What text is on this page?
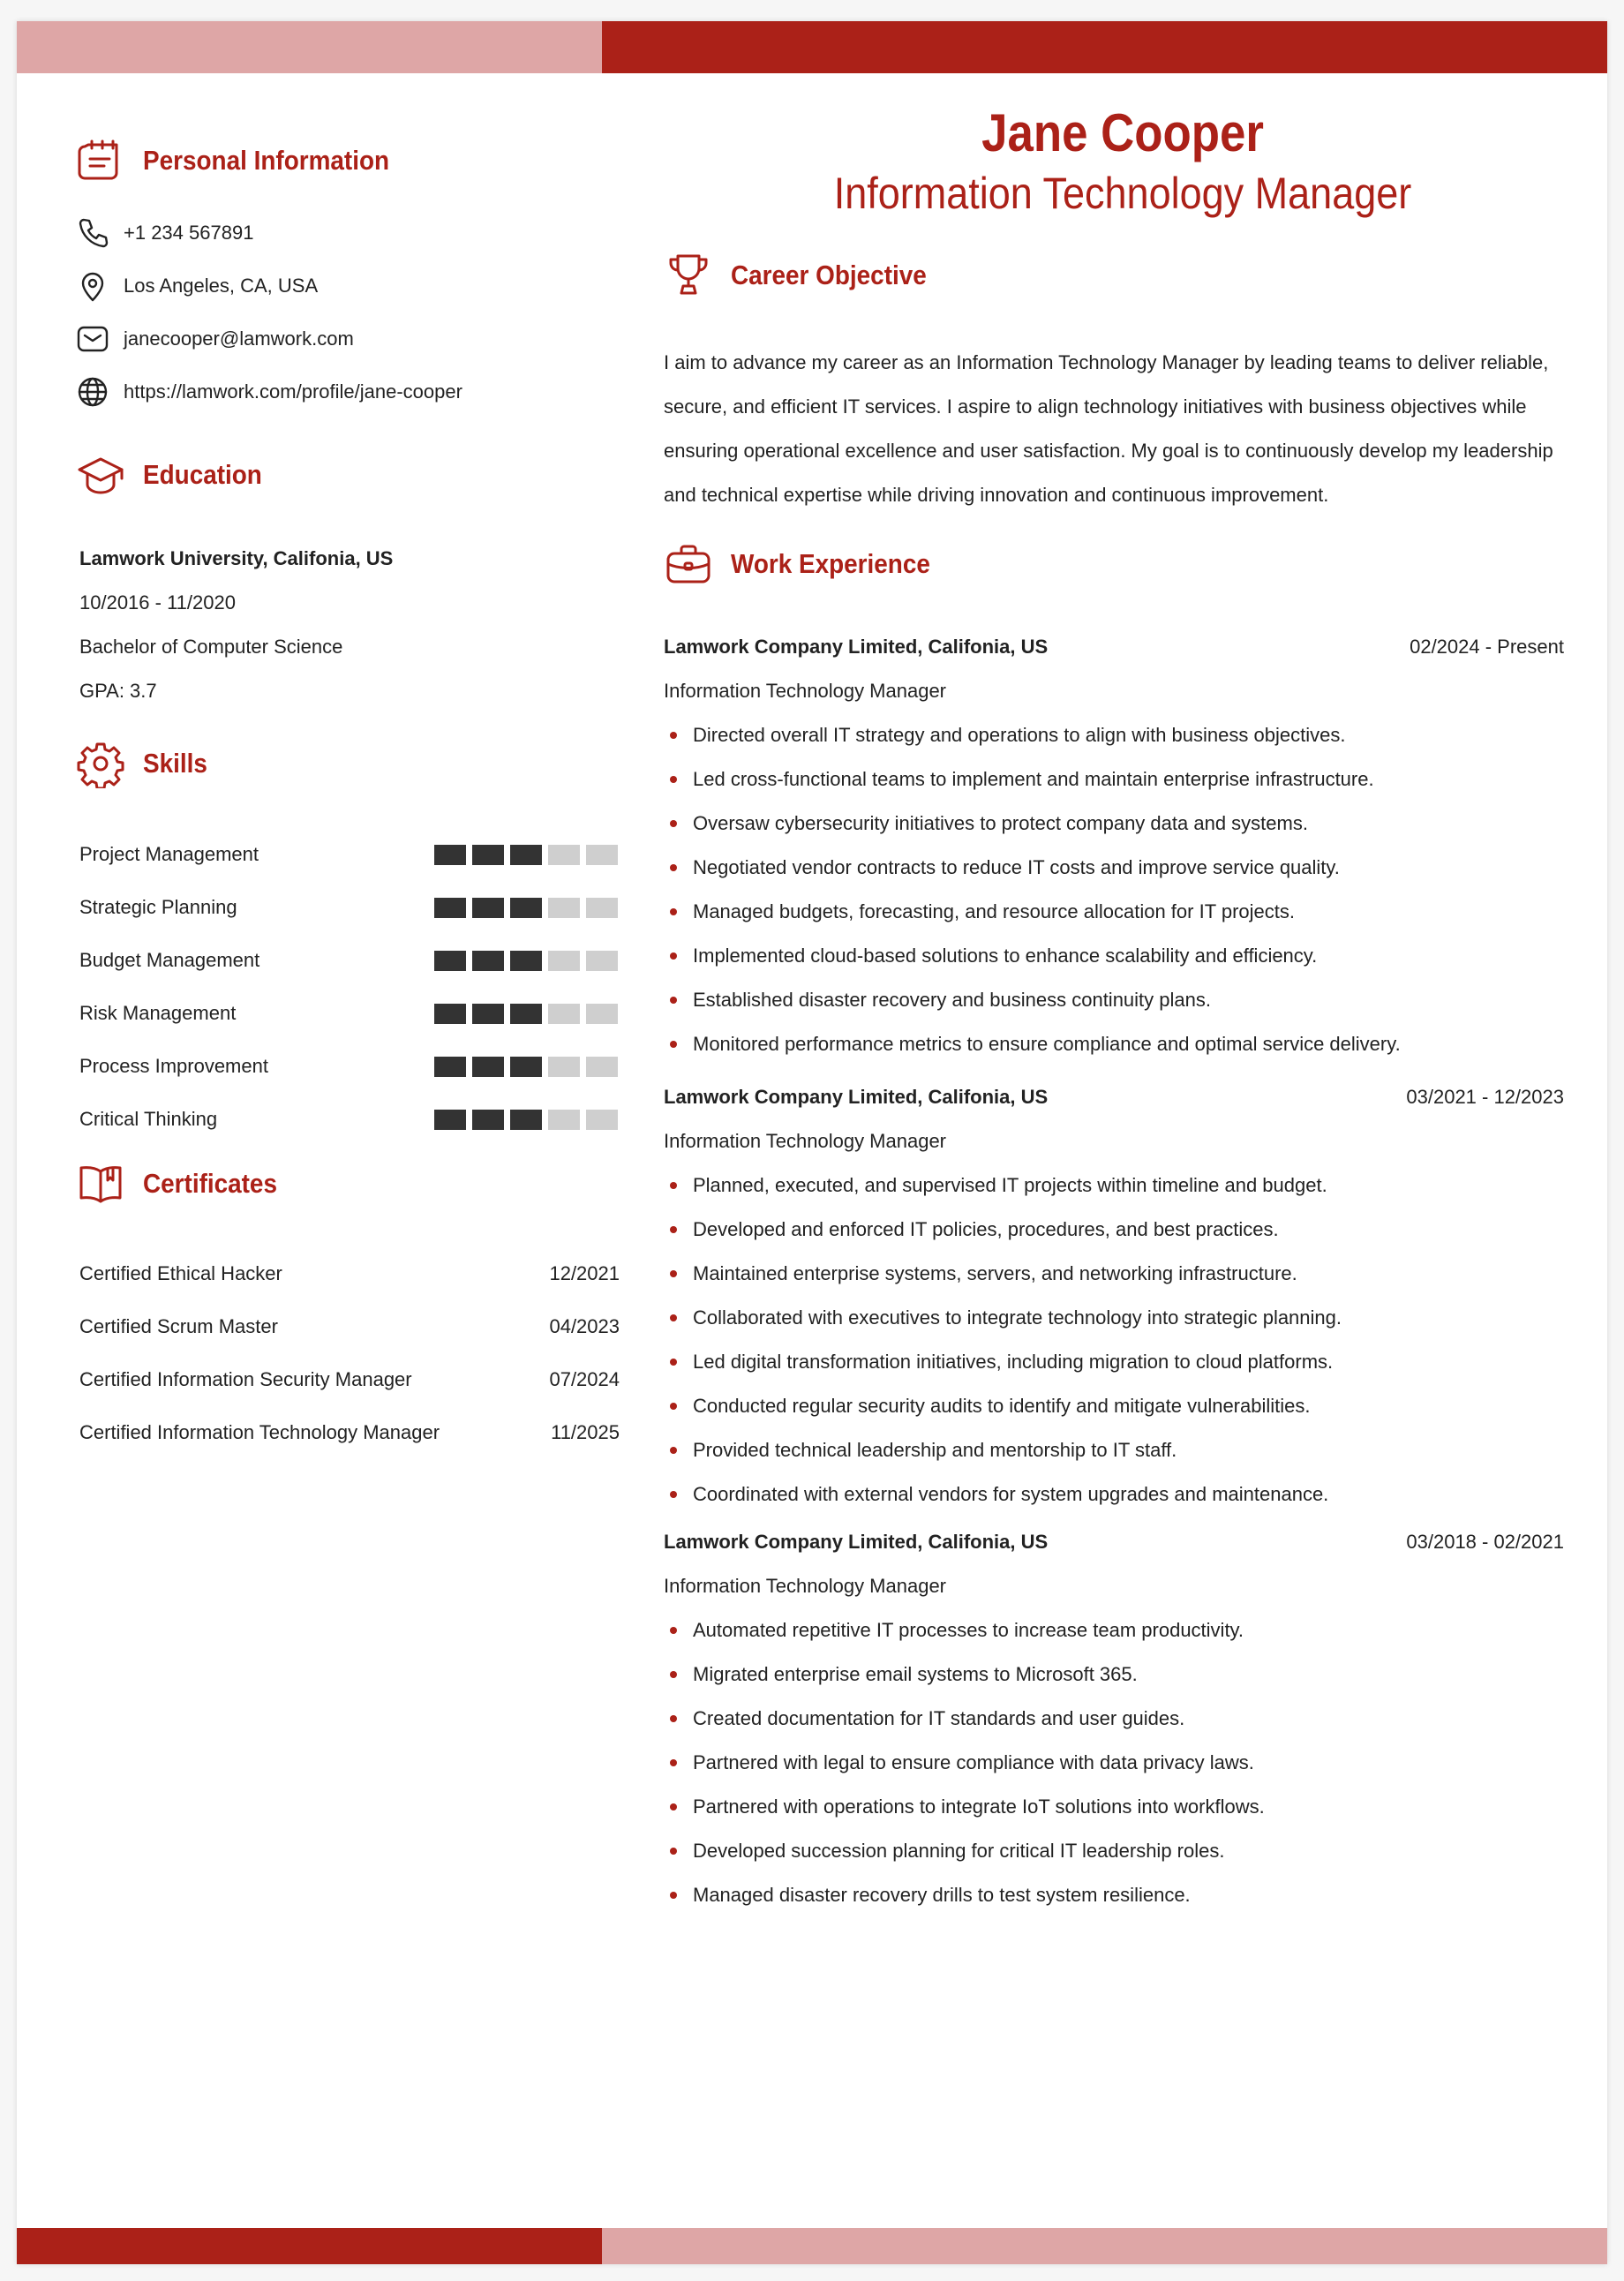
Personal Information
+1 234 567891
Los Angeles, CA, USA
janecooper@lamwork.com
https://lamwork.com/profile/jane-cooper
Education
Lamwork University, Califonia, US
10/2016 - 11/2020
Bachelor of Computer Science
GPA: 3.7
Skills
Certificates
Jane Cooper
Information Technology Manager
Career Objective
I aim to advance my career as an Information Technology Manager by leading teams to deliver reliable, secure, and efficient IT services. I aspire to align technology initiatives with business objectives while ensuring operational excellence and user satisfaction. My goal is to continuously develop my leadership and technical expertise while driving innovation and continuous improvement.
Work Experience
Project Management
Strategic Planning
Budget Management
Risk Management
Process Improvement
Critical Thinking
Certified Ethical Hacker	12/2021
Certified Scrum Master	04/2023
Certified Information Security Manager	07/2024
Certified Information Technology Manager	11/2025
Lamwork Company Limited, Califonia, US	02/2024 - Present
Information Technology Manager
Directed overall IT strategy and operations to align with business objectives.
Led cross-functional teams to implement and maintain enterprise infrastructure.
Oversaw cybersecurity initiatives to protect company data and systems.
Negotiated vendor contracts to reduce IT costs and improve service quality.
Managed budgets, forecasting, and resource allocation for IT projects.
Implemented cloud-based solutions to enhance scalability and efficiency.
Established disaster recovery and business continuity plans.
Monitored performance metrics to ensure compliance and optimal service delivery.
Lamwork Company Limited, Califonia, US	03/2021 - 12/2023
Information Technology Manager
Planned, executed, and supervised IT projects within timeline and budget.
Developed and enforced IT policies, procedures, and best practices.
Maintained enterprise systems, servers, and networking infrastructure.
Collaborated with executives to integrate technology into strategic planning.
Led digital transformation initiatives, including migration to cloud platforms.
Conducted regular security audits to identify and mitigate vulnerabilities.
Provided technical leadership and mentorship to IT staff.
Coordinated with external vendors for system upgrades and maintenance.
Lamwork Company Limited, Califonia, US	03/2018 - 02/2021
Information Technology Manager
Automated repetitive IT processes to increase team productivity.
Migrated enterprise email systems to Microsoft 365.
Created documentation for IT standards and user guides.
Partnered with legal to ensure compliance with data privacy laws.
Partnered with operations to integrate IoT solutions into workflows.
Developed succession planning for critical IT leadership roles.
Managed disaster recovery drills to test system resilience.
